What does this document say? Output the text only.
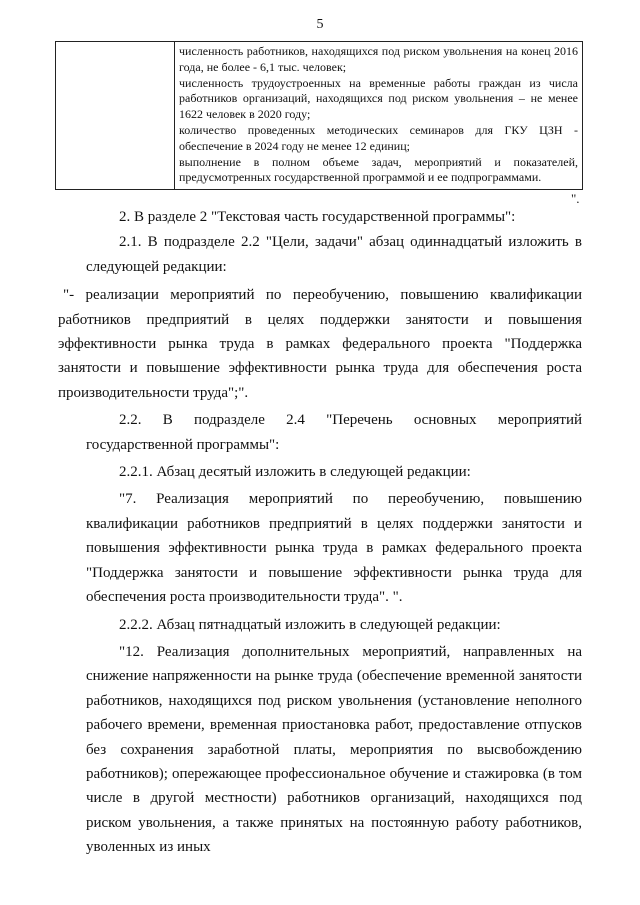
5

численность работников, находящихся под риском увольнения на конец 2016 года, не более - 6,1 тыс. человек;

численность трудоустроенных на временные работы граждан из числа работников организаций, находящихся под риском увольнения – не менее 1622 человек в 2020 году;

количество проведенных методических семинаров для ГКУ ЦЗН - обеспечение в 2024 году не менее 12 единиц;

выполнение в полном объеме задач, мероприятий и показателей, предусмотренных государственной программой и ее подпрограммами.

".

2. В разделе 2 "Текстовая часть государственной программы":

2.1. В подразделе 2.2 "Цели, задачи" абзац одиннадцатый изложить в следующей редакции:

"- реализации мероприятий по переобучению, повышению квалификации работников предприятий в целях поддержки занятости и повышения эффективности рынка труда в рамках федерального проекта "Поддержка занятости и повышение эффективности рынка труда для обеспечения роста производительности труда";".

2.2. В подразделе 2.4 "Перечень основных мероприятий государственной программы":

2.2.1. Абзац десятый изложить в следующей редакции:

"7. Реализация мероприятий по переобучению, повышению квалификации работников предприятий в целях поддержки занятости и повышения эффективности рынка труда в рамках федерального проекта "Поддержка занятости и повышение эффективности рынка труда для обеспечения роста производительности труда". ".

2.2.2. Абзац пятнадцатый изложить в следующей редакции:

"12. Реализация дополнительных мероприятий, направленных на снижение напряженности на рынке труда (обеспечение временной занятости работников, находящихся под риском увольнения (установление неполного рабочего времени, временная приостановка работ, предоставление отпусков без сохранения заработной платы, мероприятия по высвобождению работников); опережающее профессиональное обучение и стажировка (в том числе в другой местности) работников организаций, находящихся под риском увольнения, а также принятых на постоянную работу работников, уволенных из иных
